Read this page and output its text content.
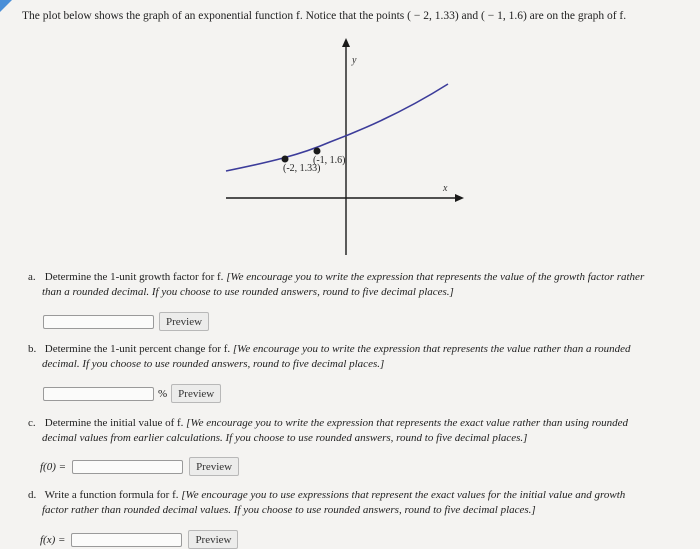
The plot below shows the graph of an exponential function f. Notice that the points ( − 2, 1.33) and ( − 1, 1.6) are on the graph of f.
y
x
(-2, 1.33)
(-1, 1.6)
a. Determine the 1-unit growth factor for f. [We encourage you to write the expression that represents the value of the growth factor rather
than a rounded decimal. If you choose to use rounded answers, round to five decimal places.]
Preview
b. Determine the 1-unit percent change for f. [We encourage you to write the expression that represents the value rather than a rounded
decimal. If you choose to use rounded answers, round to five decimal places.]
%	Preview
c. Determine the initial value of f. [We encourage you to write the expression that represents the exact value rather than using rounded
decimal values from earlier calculations. If you choose to use rounded answers, round to five decimal places.]
f(0) =	Preview
d. Write a function formula for f. [We encourage you to use expressions that represent the exact values for the initial value and growth
factor rather than rounded decimal values. If you choose to use rounded answers, round to five decimal places.]
f(x) =	Preview
